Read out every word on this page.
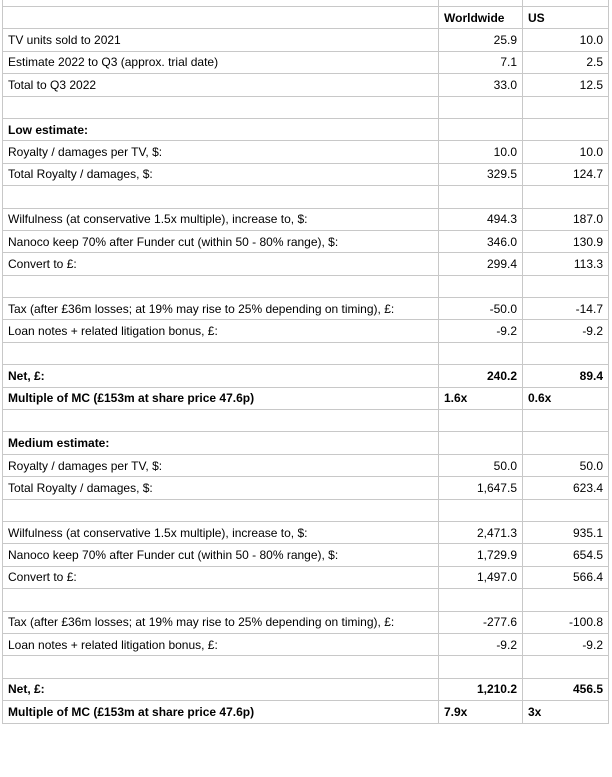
	Worldwide	US
TV units sold to 2021	25.9	10.0
Estimate 2022 to Q3 (approx. trial date)	7.1	2.5
Total to Q3 2022	33.0	12.5

Low estimate:		
Royalty / damages per TV, $:	10.0	10.0
Total Royalty / damages, $:	329.5	124.7

Wilfulness (at conservative 1.5x multiple), increase to, $:	494.3	187.0
Nanoco keep 70% after Funder cut (within 50 - 80% range), $:	346.0	130.9
Convert to £:	299.4	113.3

Tax (after £36m losses; at 19% may rise to 25% depending on timing), £:	-50.0	-14.7
Loan notes + related litigation bonus, £:	-9.2	-9.2

Net, £:	240.2	89.4
Multiple of MC (£153m at share price 47.6p)	1.6x	0.6x

Medium estimate:		
Royalty / damages per TV, $:	50.0	50.0
Total Royalty / damages, $:	1,647.5	623.4

Wilfulness (at conservative 1.5x multiple), increase to, $:	2,471.3	935.1
Nanoco keep 70% after Funder cut (within 50 - 80% range), $:	1,729.9	654.5
Convert to £:	1,497.0	566.4

Tax (after £36m losses; at 19% may rise to 25% depending on timing), £:	-277.6	-100.8
Loan notes + related litigation bonus, £:	-9.2	-9.2

Net, £:	1,210.2	456.5
Multiple of MC (£153m at share price 47.6p)	7.9x	3x
